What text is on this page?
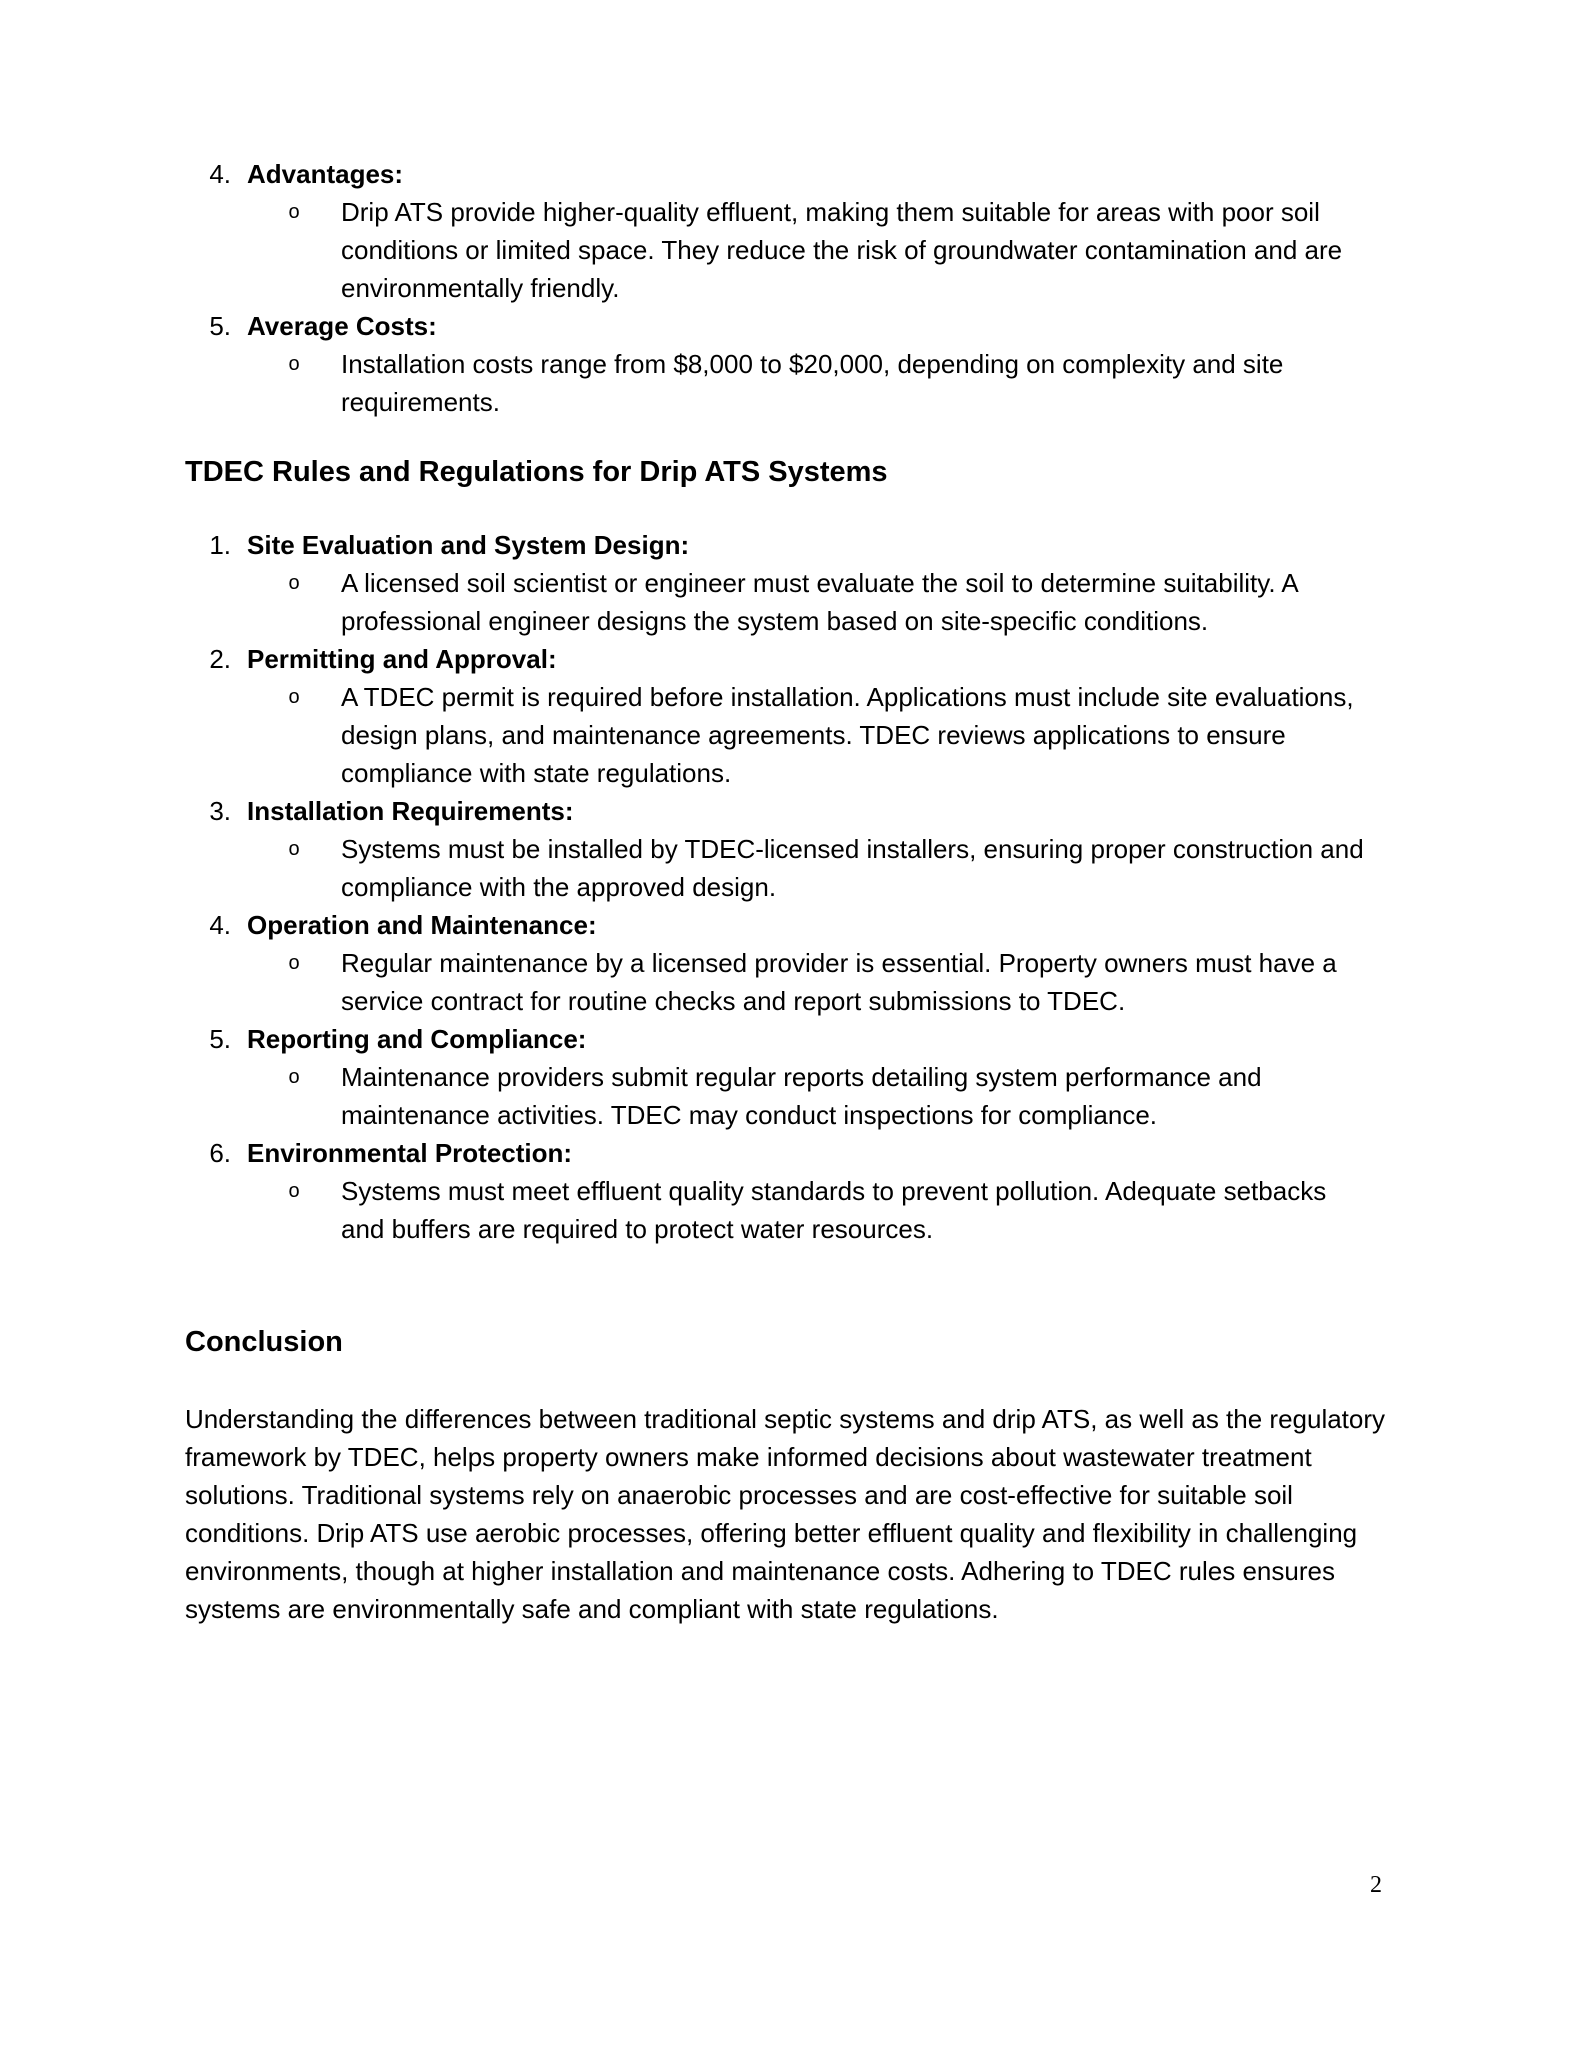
4. Advantages:
o	Drip ATS provide higher-quality effluent, making them suitable for areas with poor soil conditions or limited space. They reduce the risk of groundwater contamination and are environmentally friendly.
5. Average Costs:
o	Installation costs range from $8,000 to $20,000, depending on complexity and site requirements.
TDEC Rules and Regulations for Drip ATS Systems
1. Site Evaluation and System Design:
o	A licensed soil scientist or engineer must evaluate the soil to determine suitability. A professional engineer designs the system based on site-specific conditions.
2. Permitting and Approval:
o	A TDEC permit is required before installation. Applications must include site evaluations, design plans, and maintenance agreements. TDEC reviews applications to ensure compliance with state regulations.
3. Installation Requirements:
o	Systems must be installed by TDEC-licensed installers, ensuring proper construction and compliance with the approved design.
4. Operation and Maintenance:
o	Regular maintenance by a licensed provider is essential. Property owners must have a service contract for routine checks and report submissions to TDEC.
5. Reporting and Compliance:
o	Maintenance providers submit regular reports detailing system performance and maintenance activities. TDEC may conduct inspections for compliance.
6. Environmental Protection:
o	Systems must meet effluent quality standards to prevent pollution. Adequate setbacks and buffers are required to protect water resources.
Conclusion

Understanding the differences between traditional septic systems and drip ATS, as well as the regulatory framework by TDEC, helps property owners make informed decisions about wastewater treatment solutions. Traditional systems rely on anaerobic processes and are cost-effective for suitable soil conditions. Drip ATS use aerobic processes, offering better effluent quality and flexibility in challenging environments, though at higher installation and maintenance costs. Adhering to TDEC rules ensures systems are environmentally safe and compliant with state regulations.

2
